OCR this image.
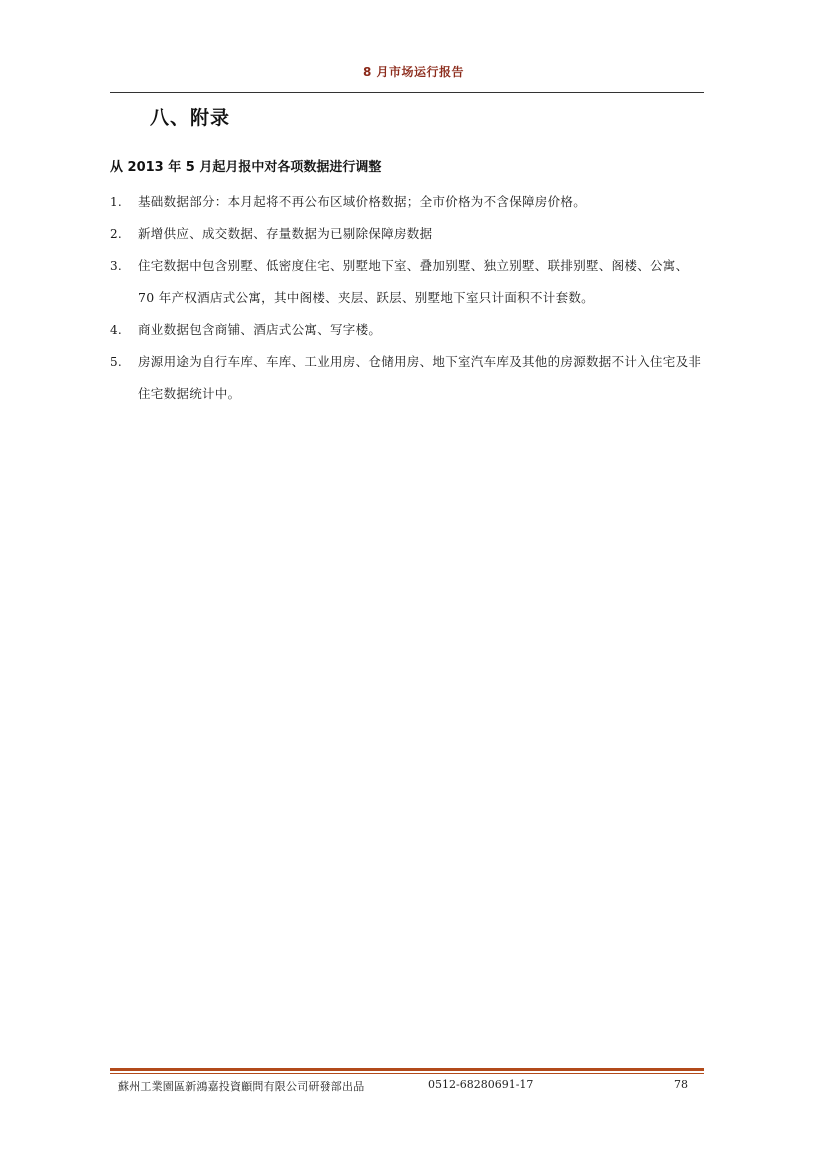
8 月市场运行报告
八、附录
从 2013 年 5 月起月报中对各项数据进行调整
1. 基础数据部分：本月起将不再公布区域价格数据；全市价格为不含保障房价格。
2. 新增供应、成交数据、存量数据为已剔除保障房数据
3. 住宅数据中包含别墅、低密度住宅、别墅地下室、叠加别墅、独立别墅、联排别墅、阁楼、公寓、70 年产权酒店式公寓，其中阁楼、夹层、跃层、别墅地下室只计面积不计套数。
4. 商业数据包含商铺、酒店式公寓、写字楼。
5. 房源用途为自行车库、车库、工业用房、仓储用房、地下室汽车库及其他的房源数据不计入住宅及非住宅数据统计中。
蘇州工業園區新鴻嘉投資顧問有限公司研發部出品	0512-68280691-17	78
